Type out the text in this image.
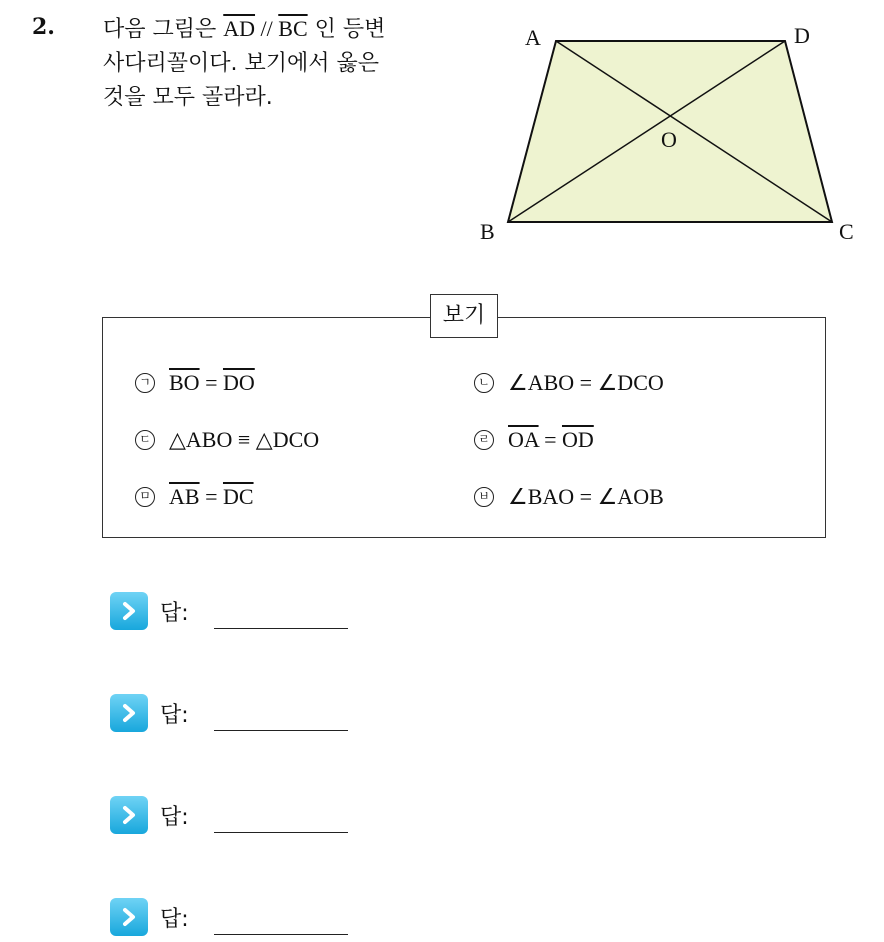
2. 다음 그림은 $\overline{AD} // \overline{BC}$ 인 등변
사다리꼴이다. 보기에서 옳은
것을 모두 골라라.
A	D
O
B	C
보기
ㄱ $\overline{BO} = \overline{DO}$	ㄴ ∠ABO = ∠DCO
ㄷ △ABO ≡ △DCO	ㄹ $\overline{OA} = \overline{OD}$
ㅁ $\overline{AB} = \overline{DC}$	ㅂ ∠BAO = ∠AOB
답:
답:
답:
답:
